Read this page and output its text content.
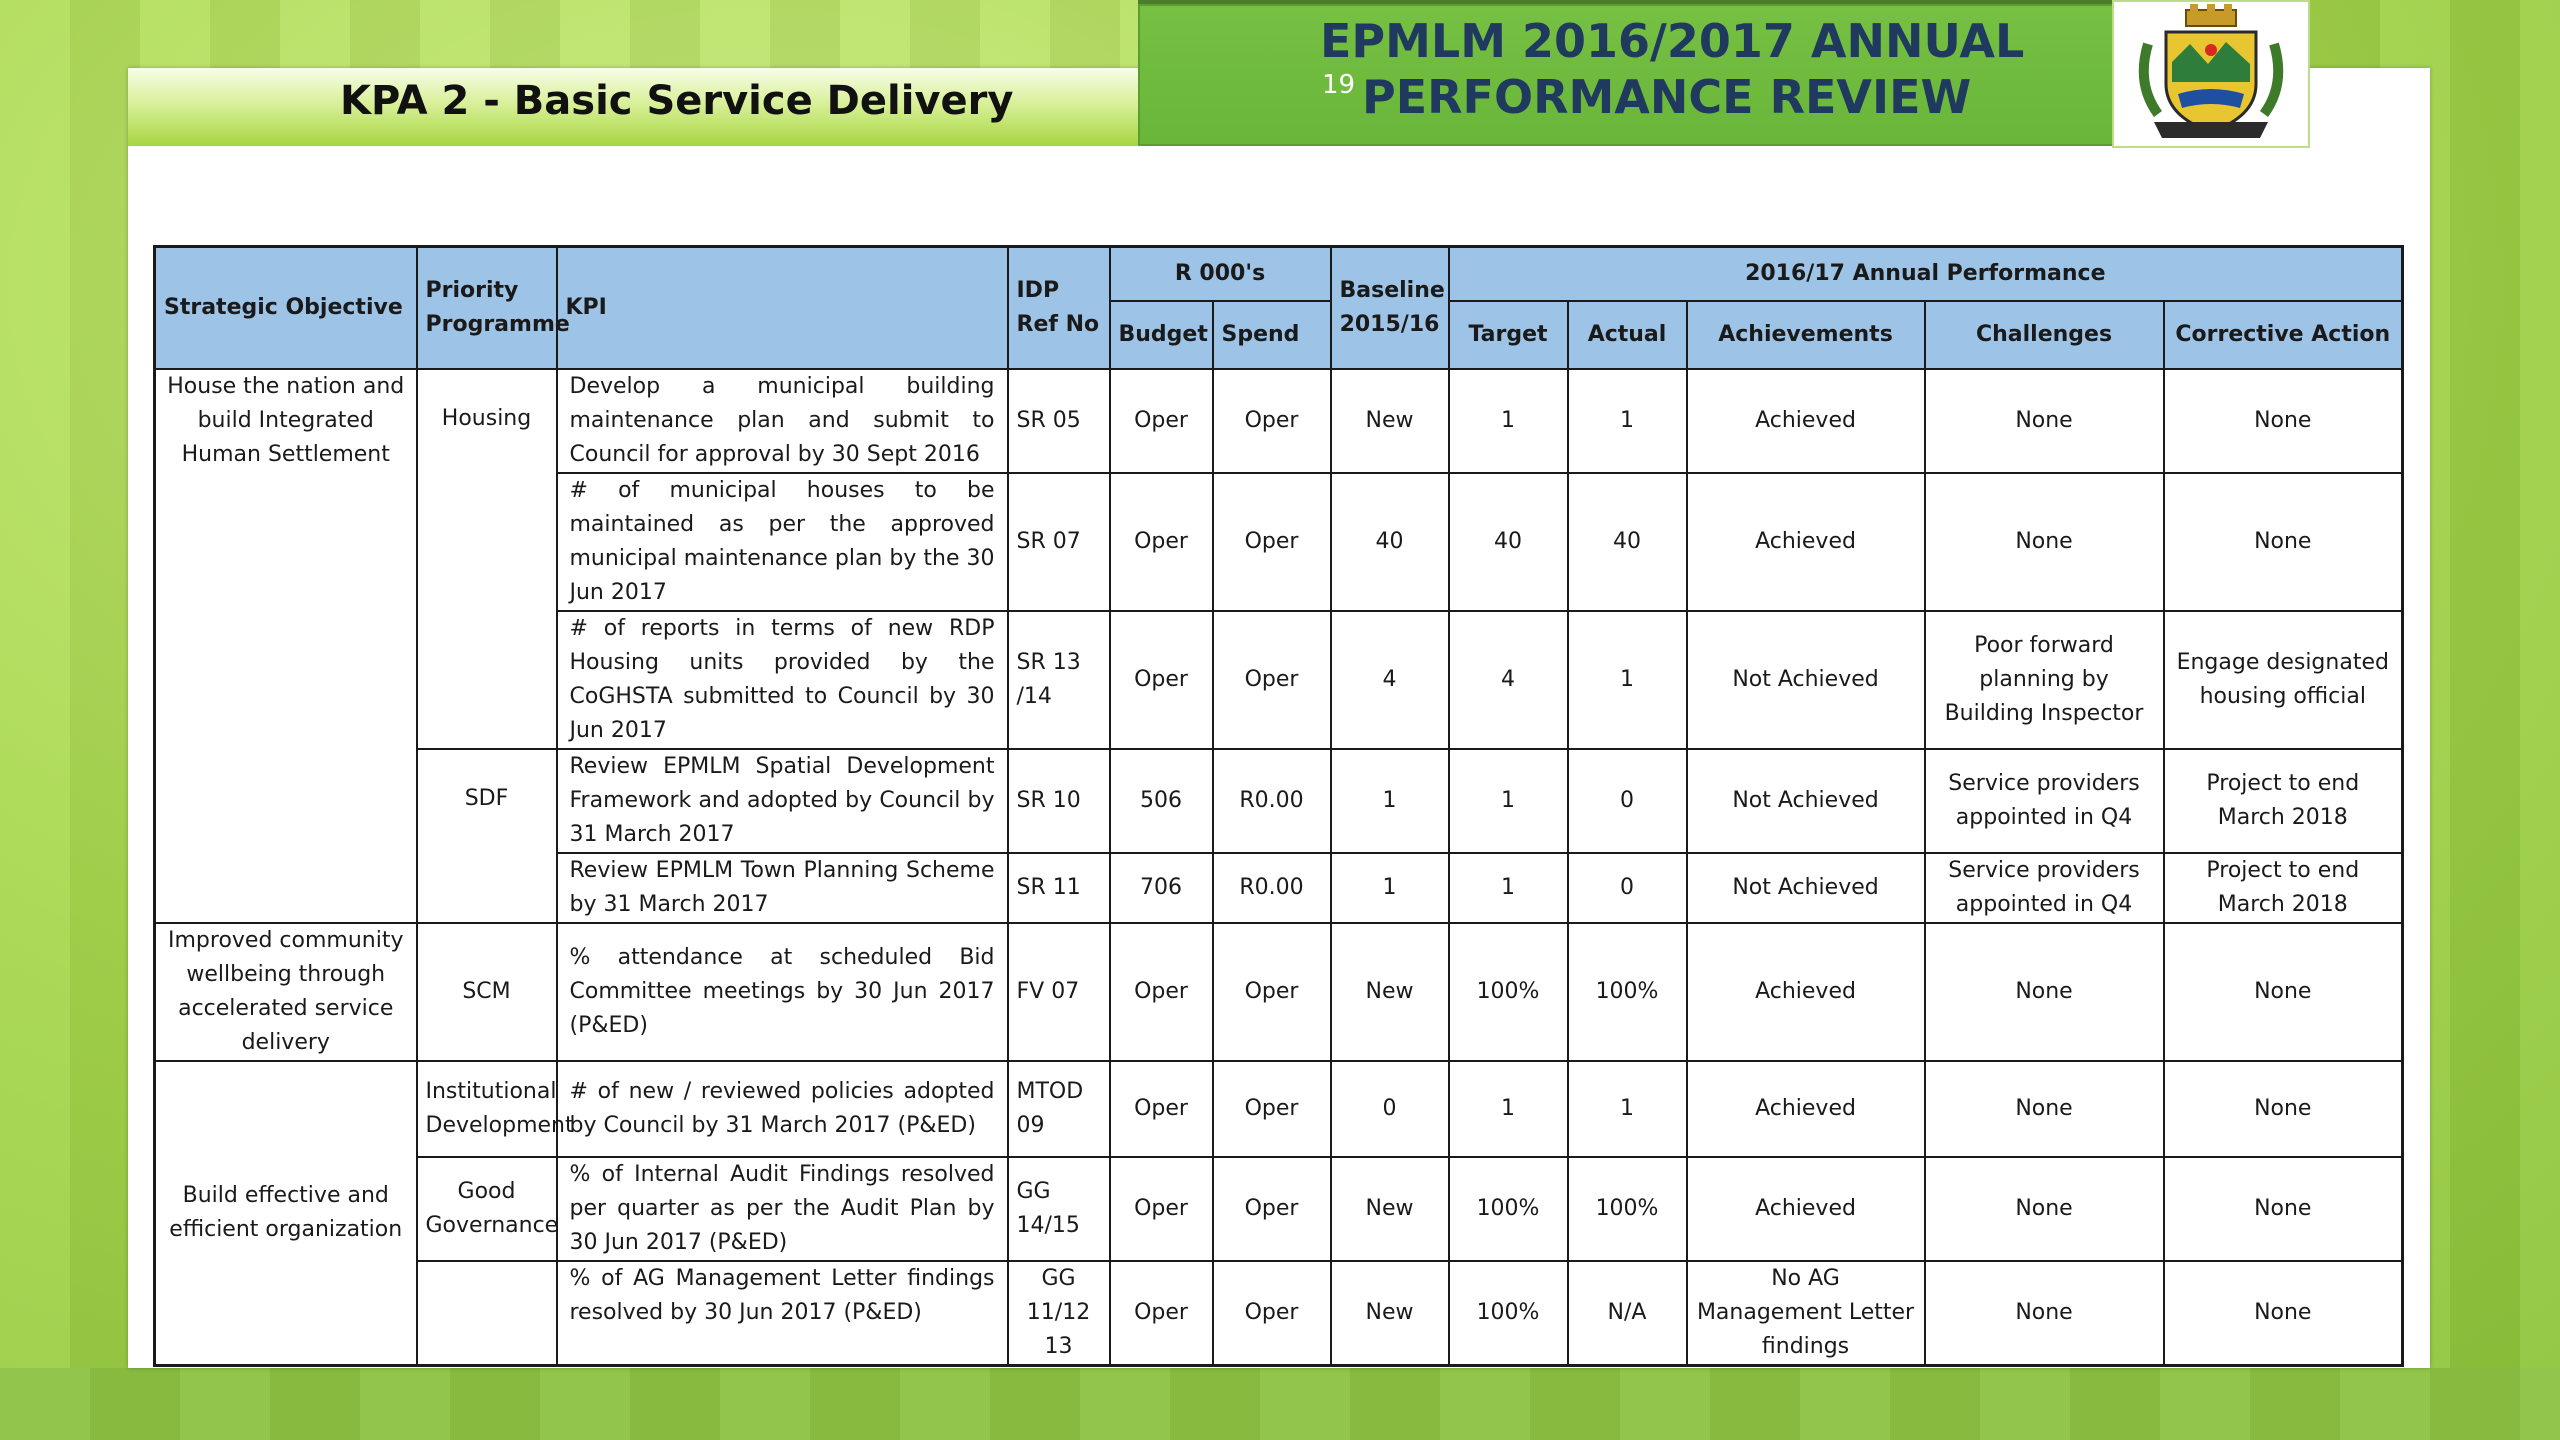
KPA 2 - Basic Service Delivery
EPMLM 2016/2017 ANNUAL
PERFORMANCE REVIEW
19
Strategic Objective	Priority Programme	KPI	IDP Ref No	R 000's		Baseline 2015/16	2016/17 Annual Performance				
				Budget	Spend		Target	Actual	Achievements	Challenges	Corrective Action
House the nation and build Integrated Human Settlement	Housing	Develop a municipal building maintenance plan and submit to Council for approval by 30 Sept 2016	SR 05	Oper	Oper	New	1	1	Achieved	None	None
		# of municipal houses to be maintained as per the approved municipal maintenance plan by the 30 Jun 2017	SR 07	Oper	Oper	40	40	40	Achieved	None	None
		# of reports in terms of new RDP Housing units provided by the CoGHSTA submitted to Council by 30 Jun 2017	SR 13 /14	Oper	Oper	4	4	1	Not Achieved	Poor forward planning by Building Inspector	Engage designated housing official
	SDF	Review EPMLM Spatial Development Framework and adopted by Council by 31 March 2017	SR 10	506	R0.00	1	1	0	Not Achieved	Service providers appointed in Q4	Project to end March 2018
		Review EPMLM Town Planning Scheme by 31 March 2017	SR 11	706	R0.00	1	1	0	Not Achieved	Service providers appointed in Q4	Project to end March 2018
Improved community wellbeing through accelerated service delivery	SCM	% attendance at scheduled Bid Committee meetings by 30 Jun 2017 (P&ED)	FV 07	Oper	Oper	New	100%	100%	Achieved	None	None
Build effective and efficient organization	Institutional Development	# of new / reviewed policies adopted by Council by 31 March 2017 (P&ED)	MTOD 09	Oper	Oper	0	1	1	Achieved	None	None
	Good Governance	% of Internal Audit Findings resolved per quarter as per the Audit Plan by 30 Jun 2017 (P&ED)	GG 14/15	Oper	Oper	New	100%	100%	Achieved	None	None
		% of AG Management Letter findings resolved by 30 Jun 2017 (P&ED)	GG 11/12 13	Oper	Oper	New	100%	N/A	No AG Management Letter findings	None	None
